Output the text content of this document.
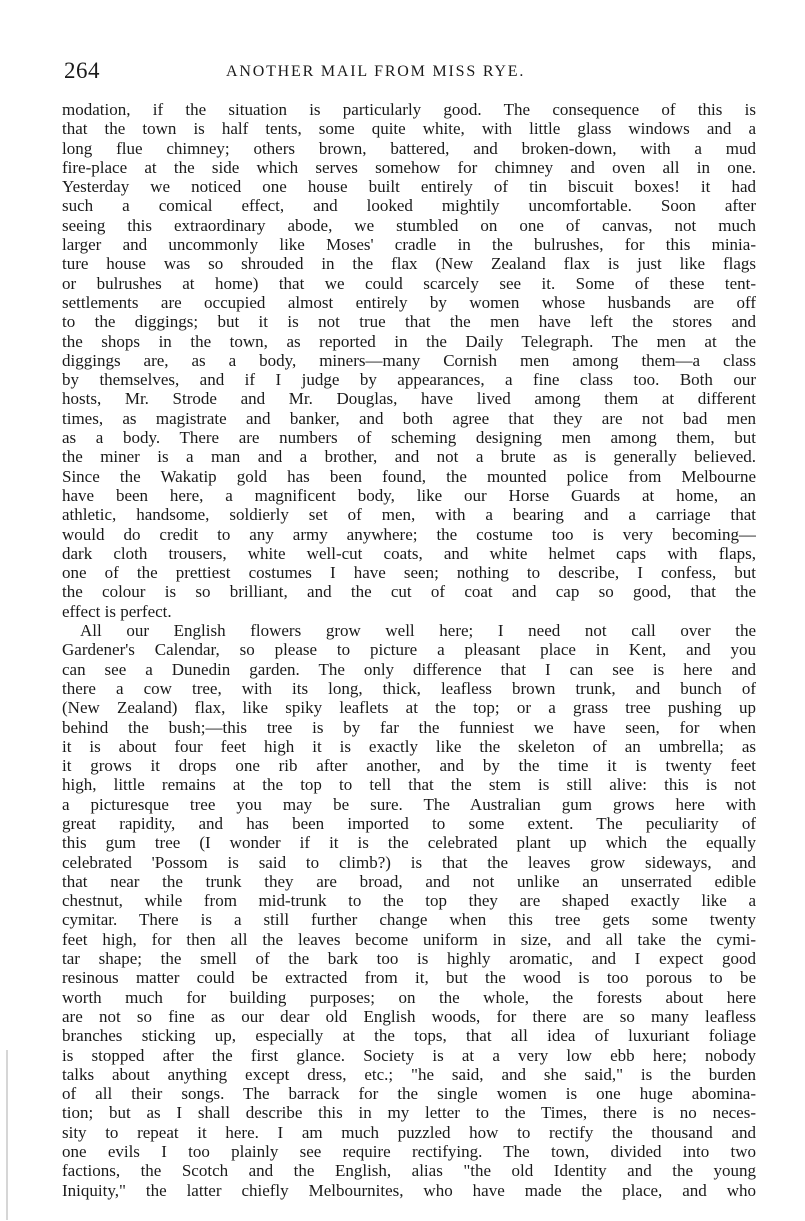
264	ANOTHER MAIL FROM MISS RYE.
modation, if the situation is particularly good. The consequence of this is
that the town is half tents, some quite white, with little glass windows and a
long flue chimney; others brown, battered, and broken-down, with a mud
fire-place at the side which serves somehow for chimney and oven all in one.
Yesterday we noticed one house built entirely of tin biscuit boxes! it had
such a comical effect, and looked mightily uncomfortable. Soon after
seeing this extraordinary abode, we stumbled on one of canvas, not much
larger and uncommonly like Moses' cradle in the bulrushes, for this minia-
ture house was so shrouded in the flax (New Zealand flax is just like flags
or bulrushes at home) that we could scarcely see it. Some of these tent-
settlements are occupied almost entirely by women whose husbands are off
to the diggings; but it is not true that the men have left the stores and
the shops in the town, as reported in the Daily Telegraph. The men at the
diggings are, as a body, miners—many Cornish men among them—a class
by themselves, and if I judge by appearances, a fine class too. Both our
hosts, Mr. Strode and Mr. Douglas, have lived among them at different
times, as magistrate and banker, and both agree that they are not bad men
as a body. There are numbers of scheming designing men among them, but
the miner is a man and a brother, and not a brute as is generally believed.
Since the Wakatip gold has been found, the mounted police from Melbourne
have been here, a magnificent body, like our Horse Guards at home, an
athletic, handsome, soldierly set of men, with a bearing and a carriage that
would do credit to any army anywhere; the costume too is very becoming—
dark cloth trousers, white well-cut coats, and white helmet caps with flaps,
one of the prettiest costumes I have seen; nothing to describe, I confess, but
the colour is so brilliant, and the cut of coat and cap so good, that the
effect is perfect.
All our English flowers grow well here; I need not call over the
Gardener's Calendar, so please to picture a pleasant place in Kent, and you
can see a Dunedin garden. The only difference that I can see is here and
there a cow tree, with its long, thick, leafless brown trunk, and bunch of
(New Zealand) flax, like spiky leaflets at the top; or a grass tree pushing up
behind the bush;—this tree is by far the funniest we have seen, for when
it is about four feet high it is exactly like the skeleton of an umbrella; as
it grows it drops one rib after another, and by the time it is twenty feet
high, little remains at the top to tell that the stem is still alive: this is not
a picturesque tree you may be sure. The Australian gum grows here with
great rapidity, and has been imported to some extent. The peculiarity of
this gum tree (I wonder if it is the celebrated plant up which the equally
celebrated 'Possom is said to climb?) is that the leaves grow sideways, and
that near the trunk they are broad, and not unlike an unserrated edible
chestnut, while from mid-trunk to the top they are shaped exactly like a
cymitar. There is a still further change when this tree gets some twenty
feet high, for then all the leaves become uniform in size, and all take the cymi-
tar shape; the smell of the bark too is highly aromatic, and I expect good
resinous matter could be extracted from it, but the wood is too porous to be
worth much for building purposes; on the whole, the forests about here
are not so fine as our dear old English woods, for there are so many leafless
branches sticking up, especially at the tops, that all idea of luxuriant foliage
is stopped after the first glance. Society is at a very low ebb here; nobody
talks about anything except dress, etc.; "he said, and she said," is the burden
of all their songs. The barrack for the single women is one huge abomina-
tion; but as I shall describe this in my letter to the Times, there is no neces-
sity to repeat it here. I am much puzzled how to rectify the thousand and
one evils I too plainly see require rectifying. The town, divided into two
factions, the Scotch and the English, alias "the old Identity and the young
Iniquity," the latter chiefly Melbournites, who have made the place, and who
